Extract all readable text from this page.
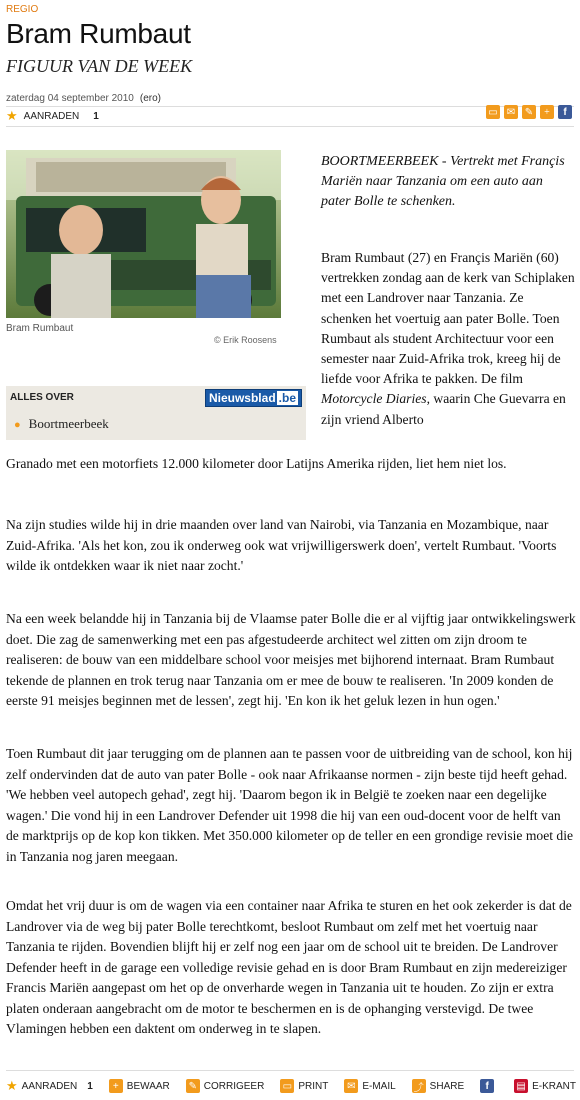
REGIO
Bram Rumbaut
FIGUUR VAN DE WEEK
zaterdag 04 september 2010 (ero)
★ AANRADEN 1	▭ ✉ ✎	+	f
Bram Rumbaut
© Erik Roosens
ALLES OVER	Nieuwsblad .be
● Boortmeerbeek
BOORTMEERBEEK - Vertrekt met Françis Mariën naar Tanzania om een auto aan pater Bolle te schenken.
Bram Rumbaut (27) en Françis Mariën (60) vertrekken zondag aan de kerk van Schiplaken met een Landrover naar Tanzania. Ze schenken het voertuig aan pater Bolle. Toen Rumbaut als student Architectuur voor een semester naar Zuid-Afrika trok, kreeg hij de liefde voor Afrika te pakken. De film Motorcycle Diaries, waarin Che Guevarra en zijn vriend Alberto
Granado met een motorfiets 12.000 kilometer door Latijns Amerika rijden, liet hem niet los.
Na zijn studies wilde hij in drie maanden over land van Nairobi, via Tanzania en Mozambique, naar Zuid-Afrika. 'Als het kon, zou ik onderweg ook wat vrijwilligerswerk doen', vertelt Rumbaut. 'Voorts wilde ik ontdekken waar ik niet naar zocht.'
Na een week belandde hij in Tanzania bij de Vlaamse pater Bolle die er al vijftig jaar ontwikkelingswerk doet. Die zag de samenwerking met een pas afgestudeerde architect wel zitten om zijn droom te realiseren: de bouw van een middelbare school voor meisjes met bijhorend internaat. Bram Rumbaut tekende de plannen en trok terug naar Tanzania om er mee de bouw te realiseren. 'In 2009 konden de eerste 91 meisjes beginnen met de lessen', zegt hij. 'En kon ik het geluk lezen in hun ogen.'
Toen Rumbaut dit jaar terugging om de plannen aan te passen voor de uitbreiding van de school, kon hij zelf ondervinden dat de auto van pater Bolle - ook naar Afrikaanse normen - zijn beste tijd heeft gehad. 'We hebben veel autopech gehad', zegt hij. 'Daarom begon ik in België te zoeken naar een degelijke wagen.' Die vond hij in een Landrover Defender uit 1998 die hij van een oud-docent voor de helft van de marktprijs op de kop kon tikken. Met 350.000 kilometer op de teller en een grondige revisie moet die in Tanzania nog jaren meegaan.
Omdat het vrij duur is om de wagen via een container naar Afrika te sturen en het ook zekerder is dat de Landrover via de weg bij pater Bolle terechtkomt, besloot Rumbaut om zelf met het voertuig naar Tanzania te rijden. Bovendien blijft hij er zelf nog een jaar om de school uit te breiden. De Landrover Defender heeft in de garage een volledige revisie gehad en is door Bram Rumbaut en zijn medereiziger Francis Mariën aangepast om het op de onverharde wegen in Tanzania uit te houden. Zo zijn er extra platen onderaan aangebracht om de motor te beschermen en is de ophanging verstevigd. De twee Vlamingen hebben een daktent om onderweg in te slapen.
★ AANRADEN 1	+ BEWAAR ✎ CORRIGEER ▭ PRINT ✉ E-MAIL ⤴ SHARE	f	▤ E-KRANT
